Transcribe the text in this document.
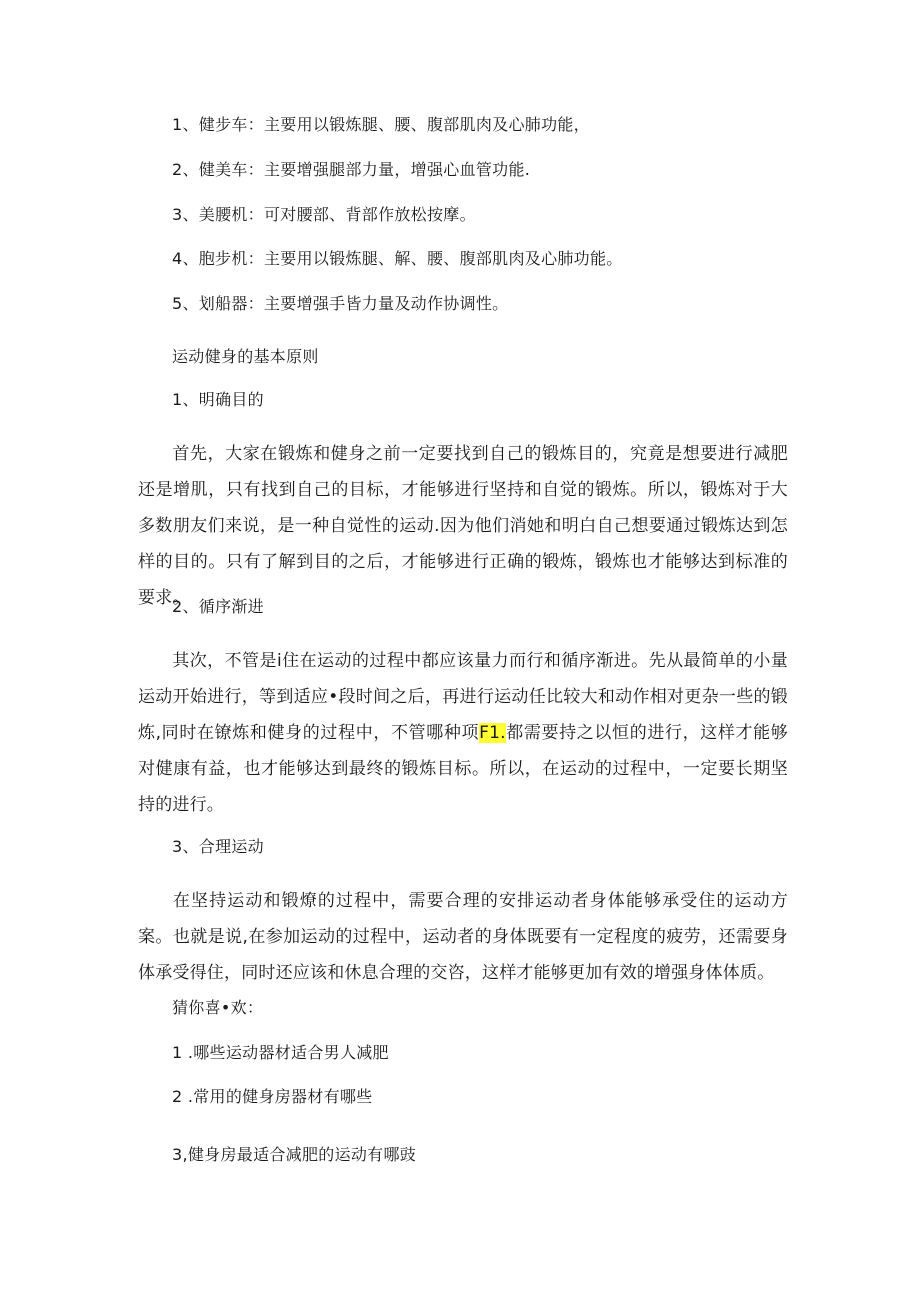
1、健步车：主要用以锻炼腿、腰、腹部肌肉及心肺功能，
2、健美车：主要增强腿部力量，增强心血管功能.
3、美腰机：可对腰部、背部作放松按摩。
4、胞步机：主要用以锻炼腿、解、腰、腹部肌肉及心肺功能。
5、划船器：主要增强手皆力量及动作协调性。
运动健身的基本原则
1、明确目的
首先，大家在锻炼和健身之前一定要找到自己的锻炼目的，究竟是想要进行减肥还是增肌，只有找到自己的目标，才能够进行坚持和自觉的锻炼。所以，锻炼对于大多数朋友们来说，是一种自觉性的运动.因为他们消她和明白自己想要通过锻炼达到怎样的目的。只有了解到目的之后，才能够进行正确的锻炼，锻炼也才能够达到标准的要求。
2、循序渐进
其次，不管是i住在运动的过程中都应该量力而行和循序渐进。先从最简单的小量运动开始进行，等到适应•段时间之后，再进行运动任比较大和动作相对更杂一些的锻炼,同时在镣炼和健身的过程中，不管哪种项F1.都需要持之以恒的进行，这样才能够对健康有益，也才能够达到最终的锻炼目标。所以，在运动的过程中，一定要长期坚持的进行。
3、合理运动
在坚持运动和锻燎的过程中，需要合理的安排运动者身体能够承受住的运动方案。也就是说,在参加运动的过程中，运动者的身体既要有一定程度的疲劳，还需要身体承受得住，同时还应该和休息合理的交咨，这样才能够更加有效的增强身体体质。
猜你喜•欢：
1 .哪些运动器材适合男人减肥
2 .常用的健身房器材有哪些
3,健身房最适合减肥的运动有哪豉
